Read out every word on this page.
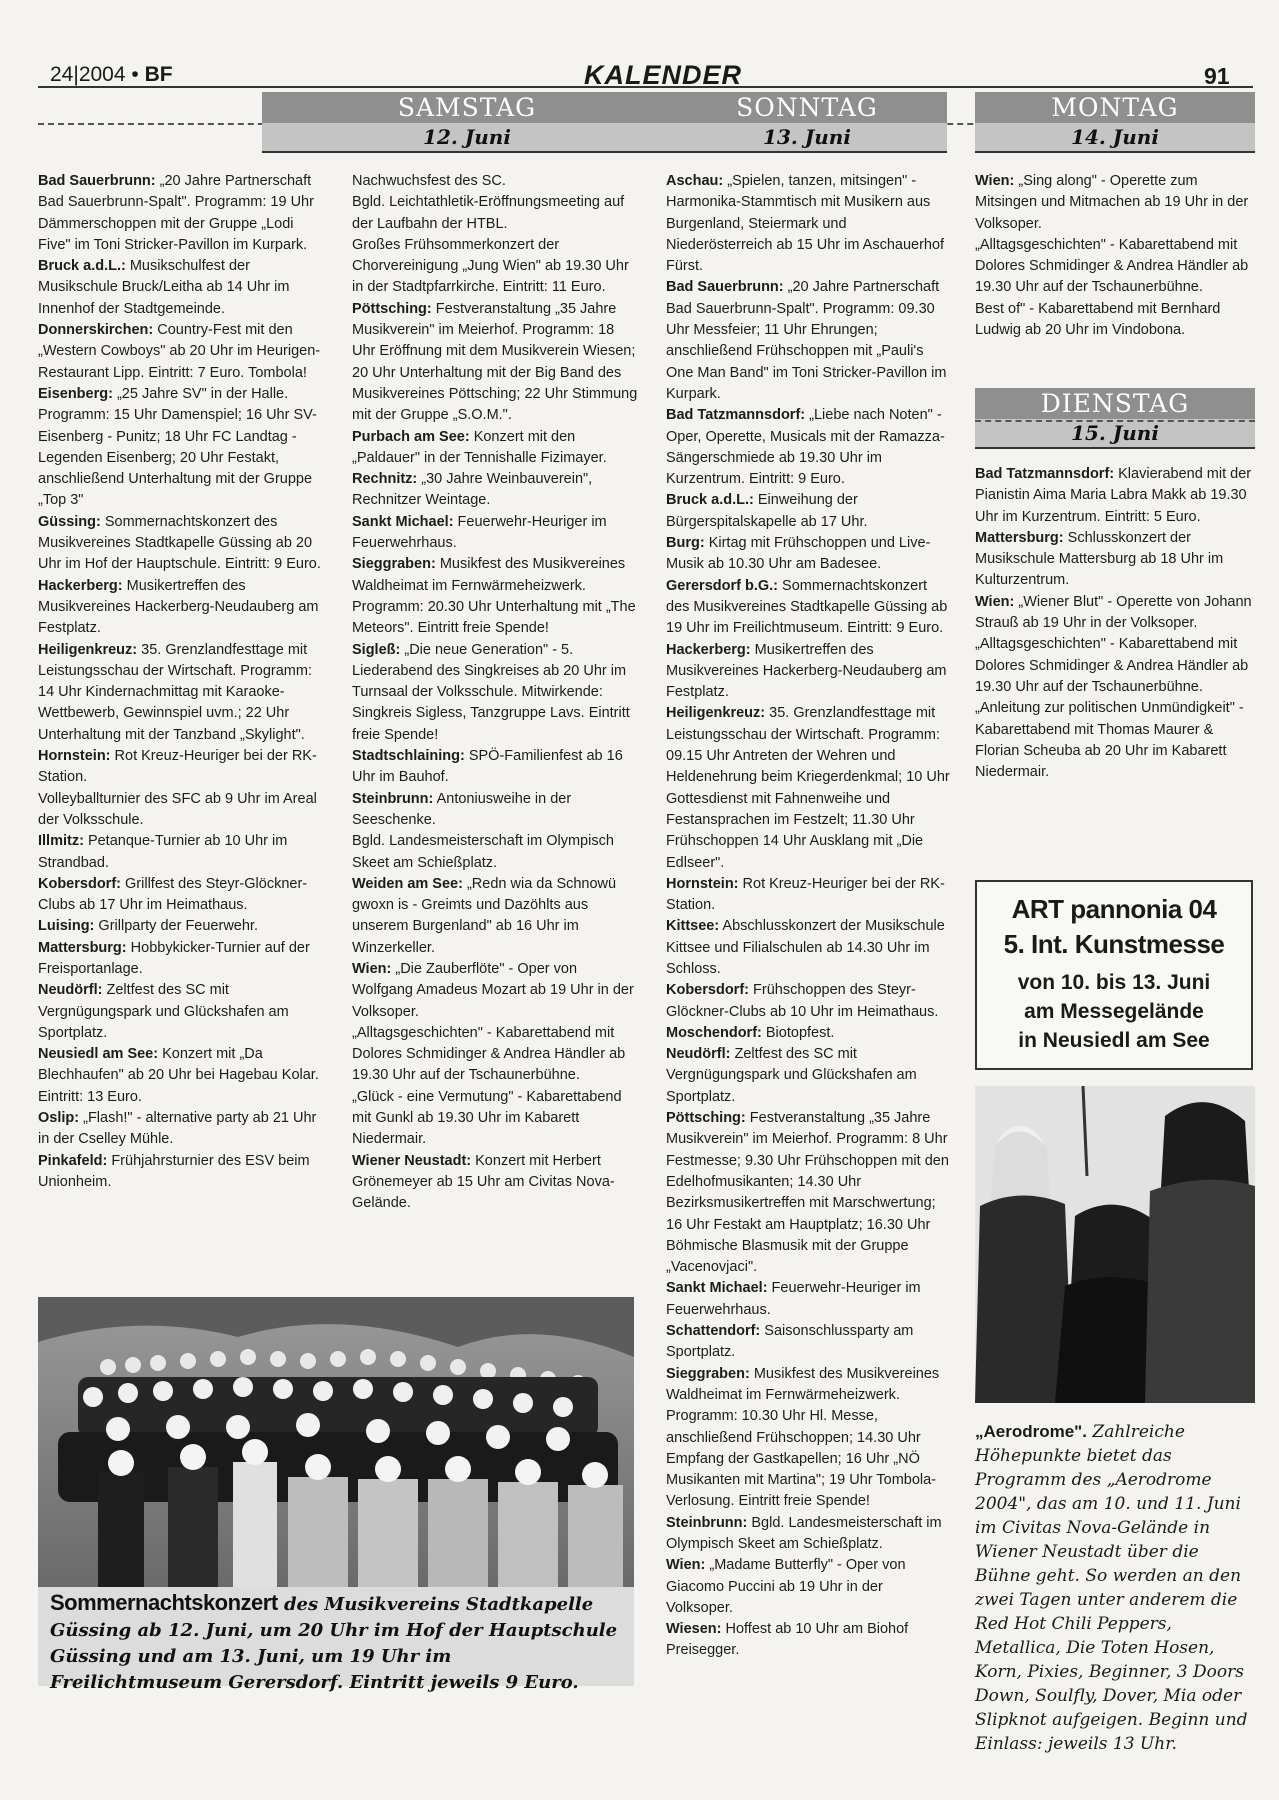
24|2004 • BF	KALENDER	91
SAMSTAG
12. Juni
SONNTAG
13. Juni
MONTAG
14. Juni
DIENSTAG
15. Juni
Bad Sauerbrunn: „20 Jahre Partnerschaft Bad Sauerbrunn-Spalt". Programm: 19 Uhr Dämmerschoppen mit der Gruppe „Lodi Five" im Toni Stricker-Pavillon im Kurpark.
Bruck a.d.L.: Musikschulfest der Musikschule Bruck/Leitha ab 14 Uhr im Innenhof der Stadtgemeinde.
Donnerskirchen: Country-Fest mit den „Western Cowboys" ab 20 Uhr im Heurigen-Restaurant Lipp. Eintritt: 7 Euro. Tombola!
Eisenberg: „25 Jahre SV" in der Halle. Programm: 15 Uhr Damenspiel; 16 Uhr SV-Eisenberg - Punitz; 18 Uhr FC Landtag - Legenden Eisenberg; 20 Uhr Festakt, anschließend Unterhaltung mit der Gruppe „Top 3"
Güssing: Sommernachtskonzert des Musikvereines Stadtkapelle Güssing ab 20 Uhr im Hof der Hauptschule. Eintritt: 9 Euro.
Hackerberg: Musikertreffen des Musikvereines Hackerberg-Neudauberg am Festplatz.
Heiligenkreuz: 35. Grenzlandfesttage mit Leistungsschau der Wirtschaft. Programm: 14 Uhr Kindernachmittag mit Karaoke-Wettbewerb, Gewinnspiel uvm.; 22 Uhr Unterhaltung mit der Tanzband „Skylight".
Hornstein: Rot Kreuz-Heuriger bei der RK-Station.
Volleyballturnier des SFC ab 9 Uhr im Areal der Volksschule.
Illmitz: Petanque-Turnier ab 10 Uhr im Strandbad.
Kobersdorf: Grillfest des Steyr-Glöckner-Clubs ab 17 Uhr im Heimathaus.
Luising: Grillparty der Feuerwehr.
Mattersburg: Hobbykicker-Turnier auf der Freisportanlage.
Neudörfl: Zeltfest des SC mit Vergnügungspark und Glückshafen am Sportplatz.
Neusiedl am See: Konzert mit „Da Blechhaufen" ab 20 Uhr bei Hagebau Kolar. Eintritt: 13 Euro.
Oslip: „Flash!" - alternative party ab 21 Uhr in der Cselley Mühle.
Pinkafeld: Frühjahrsturnier des ESV beim Unionheim.
Nachwuchsfest des SC.
Bgld. Leichtathletik-Eröffnungsmeeting auf der Laufbahn der HTBL.
Großes Frühsommerkonzert der Chorvereinigung „Jung Wien" ab 19.30 Uhr in der Stadtpfarrkirche. Eintritt: 11 Euro.
Pöttsching: Festveranstaltung „35 Jahre Musikverein" im Meierhof. Programm: 18 Uhr Eröffnung mit dem Musikverein Wiesen; 20 Uhr Unterhaltung mit der Big Band des Musikvereines Pöttsching; 22 Uhr Stimmung mit der Gruppe „S.O.M.".
Purbach am See: Konzert mit den „Paldauer" in der Tennishalle Fizimayer.
Rechnitz: „30 Jahre Weinbauverein", Rechnitzer Weintage.
Sankt Michael: Feuerwehr-Heuriger im Feuerwehrhaus.
Sieggraben: Musikfest des Musikvereines Waldheimat im Fernwärmeheizwerk. Programm: 20.30 Uhr Unterhaltung mit „The Meteors". Eintritt freie Spende!
Sigleß: „Die neue Generation" - 5. Liederabend des Singkreises ab 20 Uhr im Turnsaal der Volksschule. Mitwirkende: Singkreis Sigless, Tanzgruppe Lavs. Eintritt freie Spende!
Stadtschlaining: SPÖ-Familienfest ab 16 Uhr im Bauhof.
Steinbrunn: Antoniusweihe in der Seeschenke.
Bgld. Landesmeisterschaft im Olympisch Skeet am Schießplatz.
Weiden am See: „Redn wia da Schnowü gwoxn is - Greimts und Dazöhlts aus unserem Burgenland" ab 16 Uhr im Winzerkeller.
Wien: „Die Zauberflöte" - Oper von Wolfgang Amadeus Mozart ab 19 Uhr in der Volksoper.
„Alltagsgeschichten" - Kabarettabend mit Dolores Schmidinger & Andrea Händler ab 19.30 Uhr auf der Tschaunerbühne.
„Glück - eine Vermutung" - Kabarettabend mit Gunkl ab 19.30 Uhr im Kabarett Niedermair.
Wiener Neustadt: Konzert mit Herbert Grönemeyer ab 15 Uhr am Civitas Nova-Gelände.
Aschau: „Spielen, tanzen, mitsingen" - Harmonika-Stammtisch mit Musikern aus Burgenland, Steiermark und Niederösterreich ab 15 Uhr im Aschauerhof Fürst.
Bad Sauerbrunn: „20 Jahre Partnerschaft Bad Sauerbrunn-Spalt". Programm: 09.30 Uhr Messfeier; 11 Uhr Ehrungen; anschließend Frühschoppen mit „Pauli's One Man Band" im Toni Stricker-Pavillon im Kurpark.
Bad Tatzmannsdorf: „Liebe nach Noten" - Oper, Operette, Musicals mit der Ramazza-Sängerschmiede ab 19.30 Uhr im Kurzentrum. Eintritt: 9 Euro.
Bruck a.d.L.: Einweihung der Bürgerspitalskapelle ab 17 Uhr.
Burg: Kirtag mit Frühschoppen und Live-Musik ab 10.30 Uhr am Badesee.
Gerersdorf b.G.: Sommernachtskonzert des Musikvereines Stadtkapelle Güssing ab 19 Uhr im Freilichtmuseum. Eintritt: 9 Euro.
Hackerberg: Musikertreffen des Musikvereines Hackerberg-Neudauberg am Festplatz.
Heiligenkreuz: 35. Grenzlandfesttage mit Leistungsschau der Wirtschaft. Programm: 09.15 Uhr Antreten der Wehren und Heldenehrung beim Kriegerdenkmal; 10 Uhr Gottesdienst mit Fahnenweihe und Festansprachen im Festzelt; 11.30 Uhr Frühschoppen 14 Uhr Ausklang mit „Die Edlseer".
Hornstein: Rot Kreuz-Heuriger bei der RK-Station.
Kittsee: Abschlusskonzert der Musikschule Kittsee und Filialschulen ab 14.30 Uhr im Schloss.
Kobersdorf: Frühschoppen des Steyr-Glöckner-Clubs ab 10 Uhr im Heimathaus.
Moschendorf: Biotopfest.
Neudörfl: Zeltfest des SC mit Vergnügungspark und Glückshafen am Sportplatz.
Pöttsching: Festveranstaltung „35 Jahre Musikverein" im Meierhof. Programm: 8 Uhr Festmesse; 9.30 Uhr Frühschoppen mit den Edelhofmusikanten; 14.30 Uhr Bezirksmusikertreffen mit Marschwertung; 16 Uhr Festakt am Hauptplatz; 16.30 Uhr Böhmische Blasmusik mit der Gruppe „Vacenovjaci".
Sankt Michael: Feuerwehr-Heuriger im Feuerwehrhaus.
Schattendorf: Saisonschlussparty am Sportplatz.
Sieggraben: Musikfest des Musikvereines Waldheimat im Fernwärmeheizwerk. Programm: 10.30 Uhr Hl. Messe, anschließend Frühschoppen; 14.30 Uhr Empfang der Gastkapellen; 16 Uhr „NÖ Musikanten mit Martina"; 19 Uhr Tombola-Verlosung. Eintritt freie Spende!
Steinbrunn: Bgld. Landesmeisterschaft im Olympisch Skeet am Schießplatz.
Wien: „Madame Butterfly" - Oper von Giacomo Puccini ab 19 Uhr in der Volksoper.
Wiesen: Hoffest ab 10 Uhr am Biohof Preisegger.
Wien: „Sing along" - Operette zum Mitsingen und Mitmachen ab 19 Uhr in der Volksoper.
„Alltagsgeschichten" - Kabarettabend mit Dolores Schmidinger & Andrea Händler ab 19.30 Uhr auf der Tschaunerbühne.
Best of" - Kabarettabend mit Bernhard Ludwig ab 20 Uhr im Vindobona.
Bad Tatzmannsdorf: Klavierabend mit der Pianistin Aima Maria Labra Makk ab 19.30 Uhr im Kurzentrum. Eintritt: 5 Euro.
Mattersburg: Schlusskonzert der Musikschule Mattersburg ab 18 Uhr im Kulturzentrum.
Wien: „Wiener Blut" - Operette von Johann Strauß ab 19 Uhr in der Volksoper.
„Alltagsgeschichten" - Kabarettabend mit Dolores Schmidinger & Andrea Händler ab 19.30 Uhr auf der Tschaunerbühne.
„Anleitung zur politischen Unmündigkeit" - Kabarettabend mit Thomas Maurer & Florian Scheuba ab 20 Uhr im Kabarett Niedermair.
ART pannonia 04
5. Int. Kunstmesse
von 10. bis 13. Juni
am Messegelände
in Neusiedl am See
„Aerodrome". Zahlreiche Höhepunkte bietet das Programm des „Aerodrome 2004", das am 10. und 11. Juni im Civitas Nova-Gelände in Wiener Neustadt über die Bühne geht. So werden an den zwei Tagen unter anderem die Red Hot Chili Peppers, Metallica, Die Toten Hosen, Korn, Pixies, Beginner, 3 Doors Down, Soulfly, Dover, Mia oder Slipknot aufgeigen. Beginn und Einlass: jeweils 13 Uhr.
Sommernachtskonzert des Musikvereins Stadtkapelle Güssing ab 12. Juni, um 20 Uhr im Hof der Hauptschule Güssing und am 13. Juni, um 19 Uhr im Freilichtmuseum Gerersdorf. Eintritt jeweils 9 Euro.
